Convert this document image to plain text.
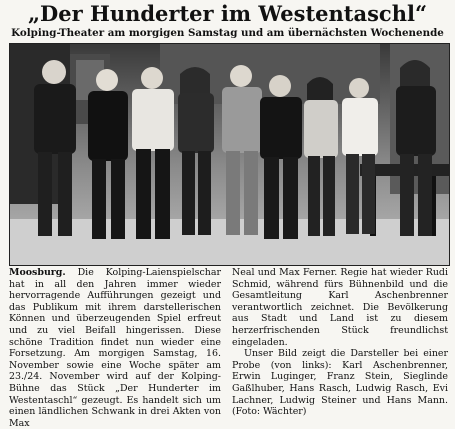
„Der Hunderter im Westentaschl“
Kolping-Theater am morgigen Samstag und am übernächsten Wochenende

Moosburg. Die Kolping-Laienspielschar hat in all den Jahren immer wieder hervorragende Aufführungen gezeigt und das Publikum mit ihrem darstellerischen Können und überzeugenden Spiel erfreut und zu viel Beifall hingerissen. Diese schöne Tradition findet nun wieder eine Forsetzung. Am morgigen Samstag, 16. November sowie eine Woche später am 23./24. November wird auf der Kolping-Bühne das Stück „Der Hunderter im Westentaschl“ gezeugt. Es handelt sich um einen ländlichen Schwank in drei Akten von Max

Neal und Max Ferner. Regie hat wieder Rudi Schmid, während fürs Bühnenbild und die Gesamtleitung Karl Aschenbrenner verantwortlich zeichnet. Die Bevölkerung aus Stadt und Land ist zu diesem herzerfrischenden Stück freundlichst eingeladen.

Unser Bild zeigt die Darsteller bei einer Probe (von links): Karl Aschenbrenner, Erwin Luginger, Franz Stein, Sieglinde Gaßlhuber, Hans Rasch, Ludwig Rasch, Evi Lachner, Ludwig Steiner und Hans Mann. (Foto: Wächter)
